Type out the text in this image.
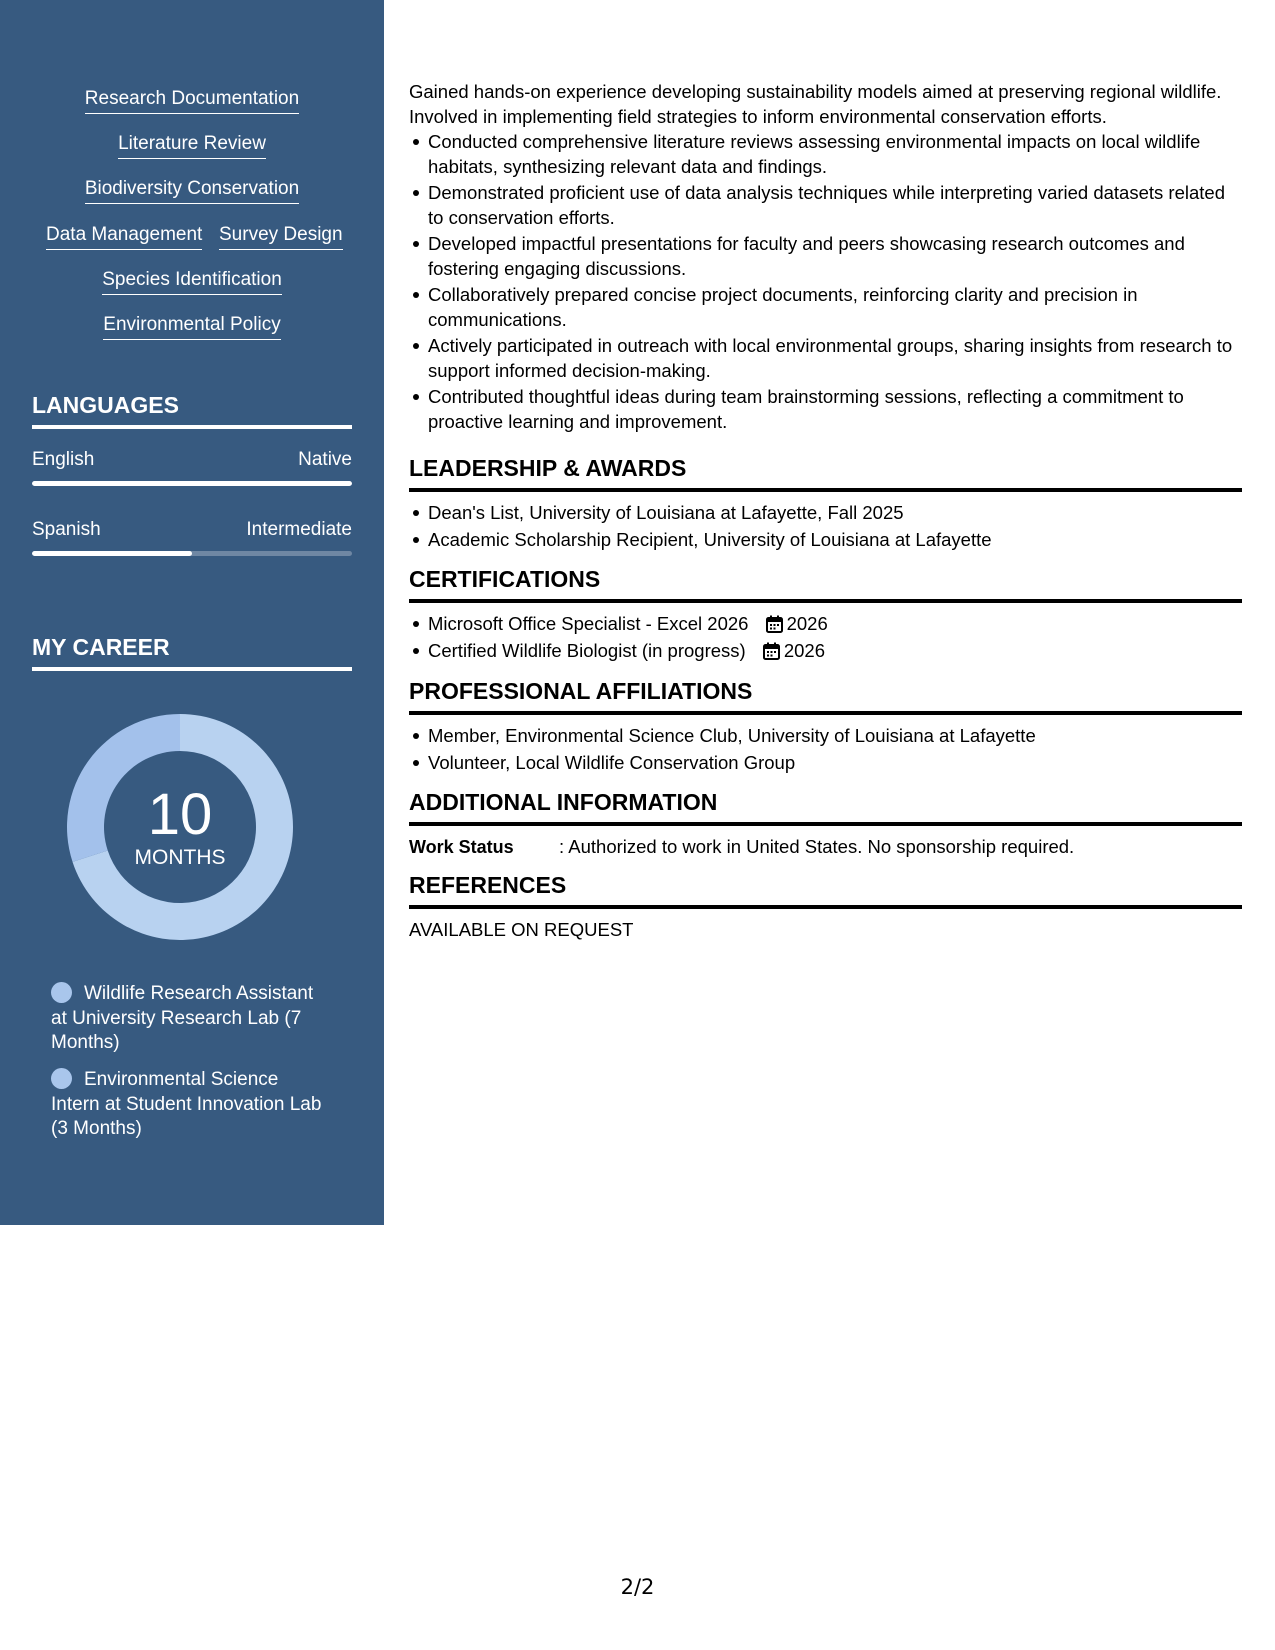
Research Documentation
Literature Review
Biodiversity Conservation
Data Management Survey Design
Species Identification
Environmental Policy
LANGUAGES
English	Native
Spanish	Intermediate
MY CAREER
10
MONTHS
Wildlife Research Assistant at University Research Lab (7 Months)
Environmental Science Intern at Student Innovation Lab (3 Months)
Gained hands-on experience developing sustainability models aimed at preserving regional wildlife. Involved in implementing field strategies to inform environmental conservation efforts.
Conducted comprehensive literature reviews assessing environmental impacts on local wildlife habitats, synthesizing relevant data and findings.
Demonstrated proficient use of data analysis techniques while interpreting varied datasets related to conservation efforts.
Developed impactful presentations for faculty and peers showcasing research outcomes and fostering engaging discussions.
Collaboratively prepared concise project documents, reinforcing clarity and precision in communications.
Actively participated in outreach with local environmental groups, sharing insights from research to support informed decision-making.
Contributed thoughtful ideas during team brainstorming sessions, reflecting a commitment to proactive learning and improvement.
LEADERSHIP & AWARDS
Dean's List, University of Louisiana at Lafayette, Fall 2025
Academic Scholarship Recipient, University of Louisiana at Lafayette
CERTIFICATIONS
Microsoft Office Specialist - Excel 2026 2026
Certified Wildlife Biologist (in progress) 2026
PROFESSIONAL AFFILIATIONS
Member, Environmental Science Club, University of Louisiana at Lafayette
Volunteer, Local Wildlife Conservation Group
ADDITIONAL INFORMATION
Work Status : Authorized to work in United States. No sponsorship required.
REFERENCES
AVAILABLE ON REQUEST
2/2
